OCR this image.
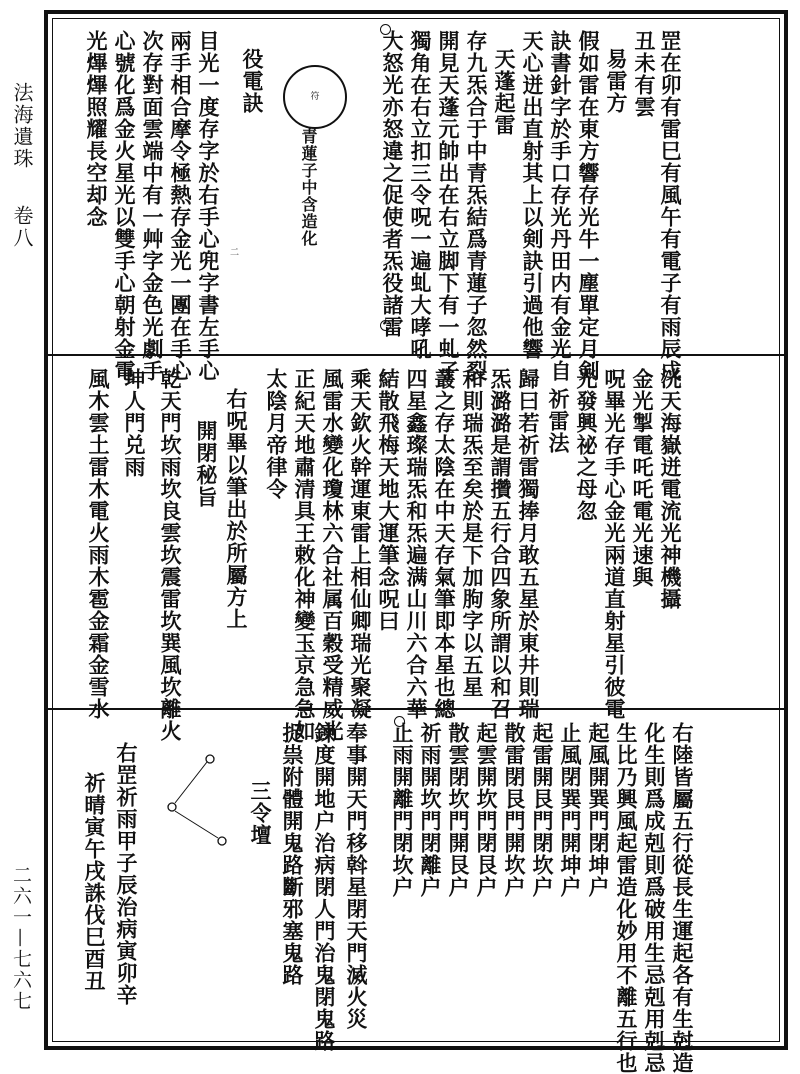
法海遺珠  卷八
二六一—七六七
罡在卯有雷巳有風午有電子有雨辰戌
丑未有雲
易雷方
假如雷在東方響存光牛一塵單定月剣
訣書針字於手口存光丹田内有金光自
天心迸出直射其上以剣訣引過他響
天蓬起雷
存九炁合于中青炁結爲青蓮子忽然裂
開見天蓬元帥出在右立脚下有一虬子
獨角在右立扣三令呪一遍虬大哮吼
大怒光亦怒違之促使者炁役諸雷
青蓮子中含造化
役電訣
目光一度存字於右手心兜字書左手心
兩手相合摩令極熱存金光一團在手心
次存對面雲端中有一艸字金色光劇手
心號化爲金火星光以雙手心朝射金電
光熚熚照耀長空却念	符
二
洸天海嶽迸電流光神機攝
金光掣電吒吒電光速與
呪畢光存手心金光兩道直射星引彼電
光發興祕之母忽
祈雷法
歸曰若祈雷獨捧月敢五星於東井則瑞
炁潞潞是謂攢五行合四象所謂以和召
和則瑞炁至矣於是下加朐字以五星
叢之存太陰在中天存氣筆即本星也總
四星鑫璨瑞炁和炁遍满山川六合六華
結散飛梅天地大運筆念呪曰
乘天欽火幹運東雷上相仙卿瑞光聚凝
風雷水變化瓊林六合社属百穀受精威光
正紀天地肅清具王敕化神變玉京急急如
太陰月帝律令
右呪畢以筆出於所屬方上
開閉秘旨
乾天門坎雨坎良雲坎震雷坎巽風坎離火
坤人門兑雨
風木雲土雷木電火雨木雹金霜金雪水
右陸皆屬五行從長生運起各有生尅造
化生則爲成剋則爲破用生忌剋用剋忌
生比乃興風起雷造化妙用不離五行也
起風開巽門閉坤户
止風閉巽門開坤户
起雷開艮門閉坎户
散雷閉艮門開坎户
起雲開坎門閉艮户
散雲閉坎門開艮户
祈雨開坎門閉離户
止雨開離門閉坎户
奉事開天門移斡星閉天門滅火災
鍊度開地户治病閉人門治鬼閉鬼路
捉祟附體開鬼路斷邪塞鬼路
三令壇
右罡祈雨甲子辰治病寅卯辛
祈晴寅午戌誅伐巳酉丑
